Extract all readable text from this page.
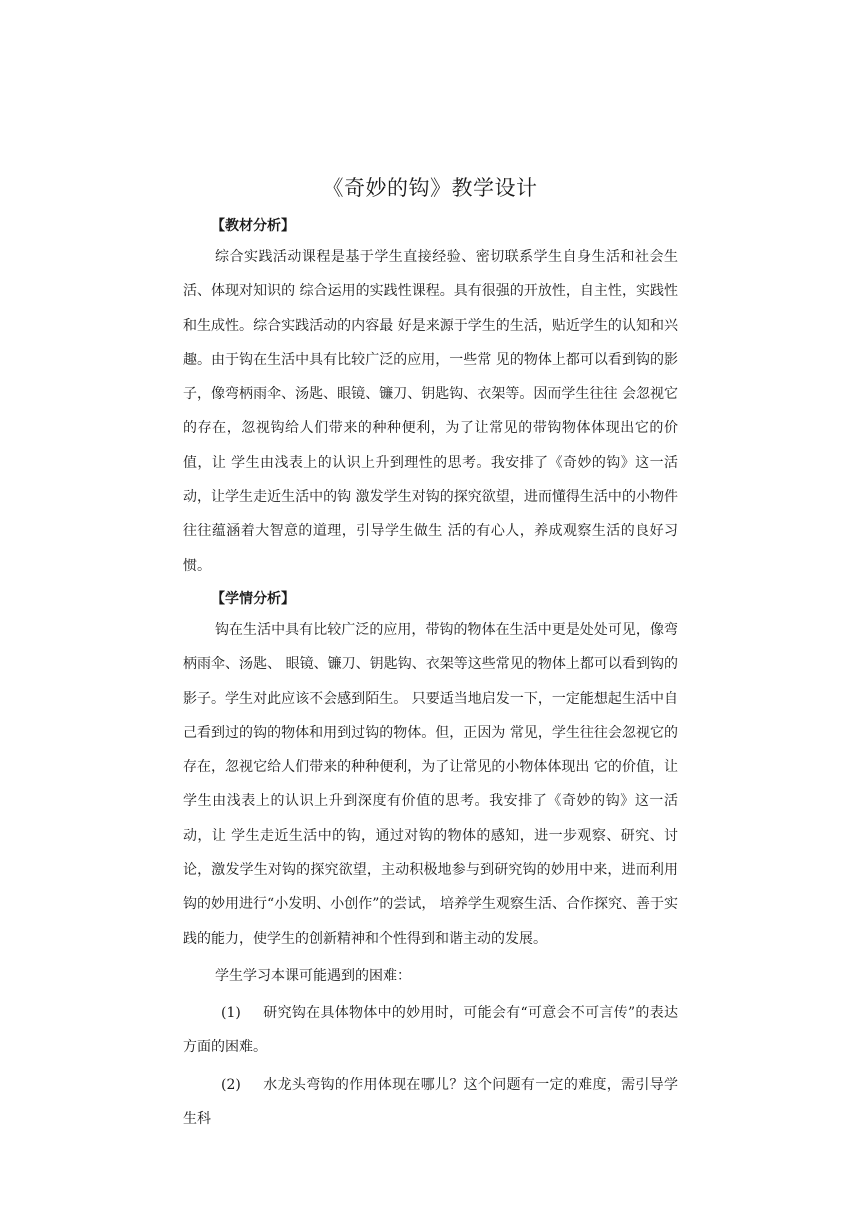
《奇妙的钩》教学设计

【教材分析】

综合实践活动课程是基于学生直接经验、密切联系学生自身生活和社会生活、体现对知识的 综合运用的实践性课程。具有很强的开放性，自主性，实践性和生成性。综合实践活动的内容最 好是来源于学生的生活，贴近学生的认知和兴趣。由于钩在生活中具有比较广泛的应用，一些常 见的物体上都可以看到钩的影子，像弯柄雨伞、汤匙、眼镜、镰刀、钥匙钩、衣架等。因而学生往往 会忽视它的存在，忽视钩给人们带来的种种便利，为了让常见的带钩物体体现出它的价值，让 学生由浅表上的认识上升到理性的思考。我安排了《奇妙的钩》这一活动，让学生走近生活中的钩 激发学生对钩的探究欲望，进而懂得生活中的小物件往往蕴涵着大智意的道理，引导学生做生 活的有心人，养成观察生活的良好习惯。

【学情分析】

钩在生活中具有比较广泛的应用，带钩的物体在生活中更是处处可见，像弯柄雨伞、汤匙、 眼镜、镰刀、钥匙钩、衣架等这些常见的物体上都可以看到钩的影子。学生对此应该不会感到陌生。 只要适当地启发一下，一定能想起生活中自己看到过的钩的物体和用到过钩的物体。但，正因为 常见，学生往往会忽视它的存在，忽视它给人们带来的种种便利，为了让常见的小物体体现出 它的价值，让学生由浅表上的认识上升到深度有价值的思考。我安排了《奇妙的钩》这一活动，让 学生走近生活中的钩，通过对钩的物体的感知，进一步观察、研究、讨论，激发学生对钩的探究欲望，主动积极地参与到研究钩的妙用中来，进而利用钩的妙用进行“小发明、小创作”的尝试， 培养学生观察生活、合作探究、善于实践的能力，使学生的创新精神和个性得到和谐主动的发展。

学生学习本课可能遇到的困难：

(1) 研究钩在具体物体中的妙用时，可能会有“可意会不可言传”的表达方面的困难。

(2) 水龙头弯钩的作用体现在哪儿？这个问题有一定的难度，需引导学生科
